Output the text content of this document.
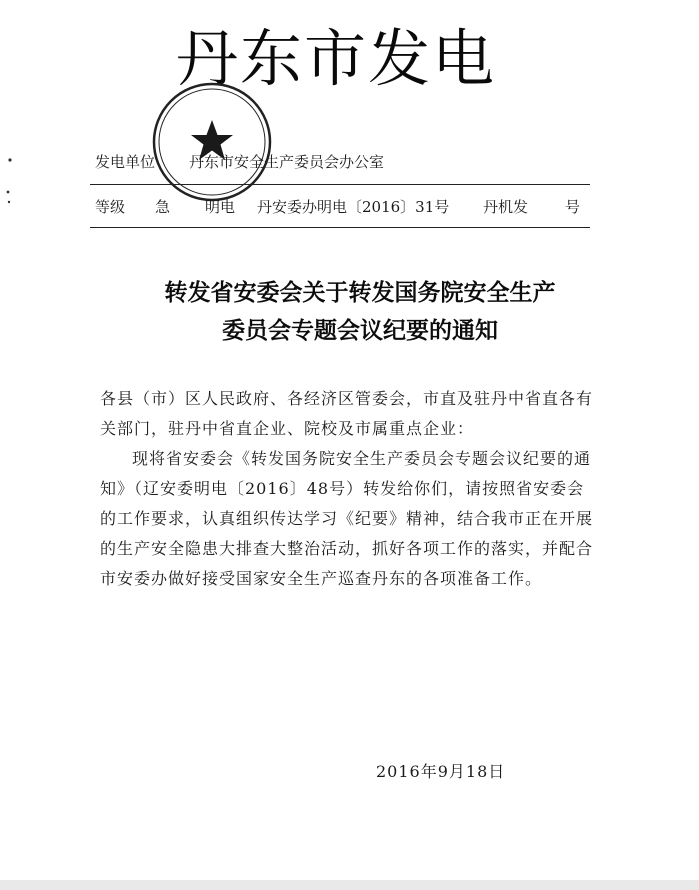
丹东市发电
发电单位 丹东市安全生产委员会办公室
等级 急 明电 丹安委办明电〔2016〕31号 丹机发 号
转发省安委会关于转发国务院安全生产
委员会专题会议纪要的通知

各县（市）区人民政府、各经济区管委会，市直及驻丹中省直各有关部门，驻丹中省直企业、院校及市属重点企业：

现将省安委会《转发国务院安全生产委员会专题会议纪要的通知》（辽安委明电〔2016〕48号）转发给你们，请按照省安委会的工作要求，认真组织传达学习《纪要》精神，结合我市正在开展的生产安全隐患大排查大整治活动，抓好各项工作的落实，并配合市安委办做好接受国家安全生产巡查丹东的各项准备工作。

2016年9月18日
